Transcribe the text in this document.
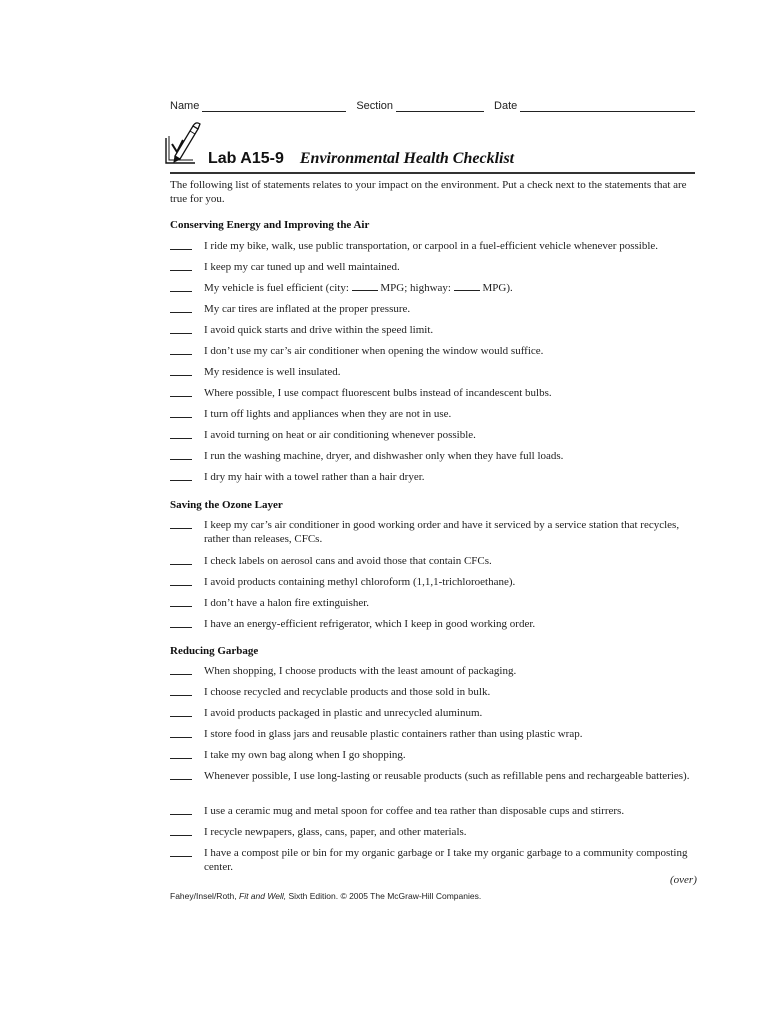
Name	Section	Date
Lab A15-9 Environmental Health Checklist
The following list of statements relates to your impact on the environment. Put a check next to the statements that are true for you.
Conserving Energy and Improving the Air
I ride my bike, walk, use public transportation, or carpool in a fuel-efficient vehicle whenever possible.
I keep my car tuned up and well maintained.
My vehicle is fuel efficient (city:	MPG; highway:	MPG).
My car tires are inflated at the proper pressure.
I avoid quick starts and drive within the speed limit.
I don’t use my car’s air conditioner when opening the window would suffice.
My residence is well insulated.
Where possible, I use compact fluorescent bulbs instead of incandescent bulbs.
I turn off lights and appliances when they are not in use.
I avoid turning on heat or air conditioning whenever possible.
I run the washing machine, dryer, and dishwasher only when they have full loads.
I dry my hair with a towel rather than a hair dryer.
Saving the Ozone Layer
I keep my car’s air conditioner in good working order and have it serviced by a service station that recycles, rather than releases, CFCs.
I check labels on aerosol cans and avoid those that contain CFCs.
I avoid products containing methyl chloroform (1,1,1-trichloroethane).
I don’t have a halon fire extinguisher.
I have an energy-efficient refrigerator, which I keep in good working order.
Reducing Garbage
When shopping, I choose products with the least amount of packaging.
I choose recycled and recyclable products and those sold in bulk.
I avoid products packaged in plastic and unrecycled aluminum.
I store food in glass jars and reusable plastic containers rather than using plastic wrap.
I take my own bag along when I go shopping.
Whenever possible, I use long-lasting or reusable products (such as refillable pens and rechargeable batteries).
I use a ceramic mug and metal spoon for coffee and tea rather than disposable cups and stirrers.
I recycle newpapers, glass, cans, paper, and other materials.
I have a compost pile or bin for my organic garbage or I take my organic garbage to a community composting center.
(over)
Fahey/Insel/Roth, Fit and Well, Sixth Edition. © 2005 The McGraw-Hill Companies.
